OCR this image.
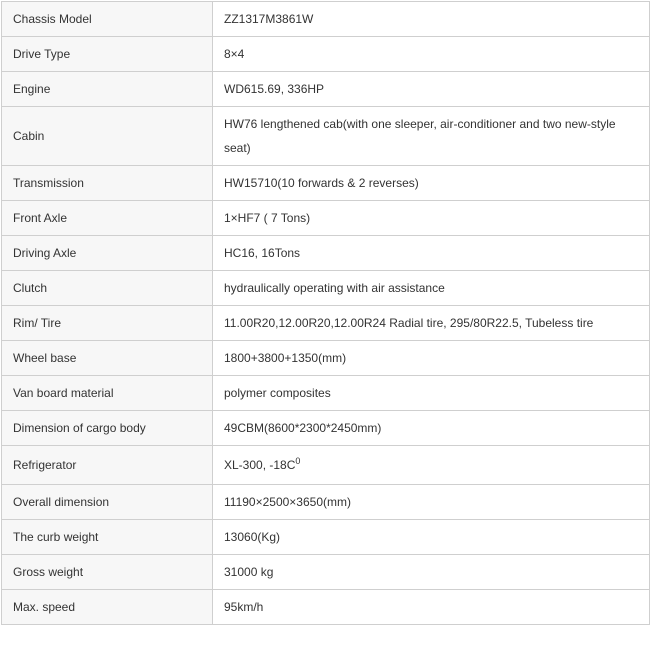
Chassis Model	ZZ1317M3861W
Drive Type	8×4
Engine	WD615.69, 336HP
Cabin	HW76 lengthened cab(with one sleeper, air-conditioner and two new-style seat)
Transmission	HW15710(10 forwards & 2 reverses)
Front Axle	1×HF7 ( 7 Tons)
Driving Axle	HC16, 16Tons
Clutch	hydraulically operating with air assistance
Rim/ Tire	11.00R20,12.00R20,12.00R24 Radial tire, 295/80R22.5, Tubeless tire
Wheel base	1800+3800+1350(mm)
Van board material	polymer composites
Dimension of cargo body	49CBM(8600*2300*2450mm)
Refrigerator	XL-300, $-18C^0$
Overall dimension	11190×2500×3650(mm)
The curb weight	13060(Kg)
Gross weight	31000 kg
Max. speed	95km/h
